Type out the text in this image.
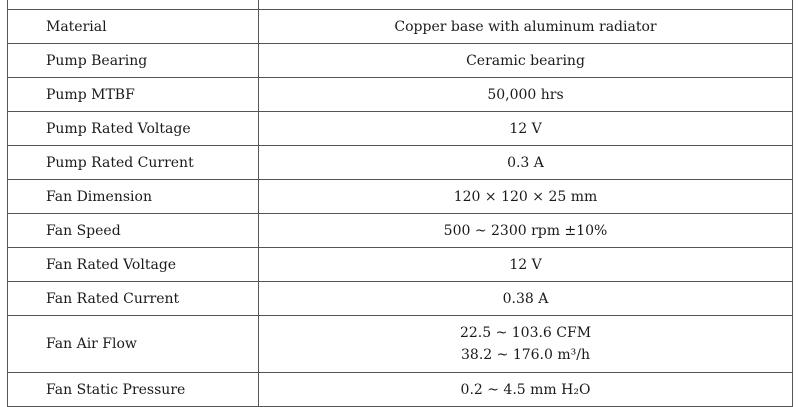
Material	Copper base with aluminum radiator
Pump Bearing	Ceramic bearing
Pump MTBF	50,000 hrs
Pump Rated Voltage	12 V
Pump Rated Current	0.3 A
Fan Dimension	120 × 120 × 25 mm
Fan Speed	500 ~ 2300 rpm ±10%
Fan Rated Voltage	12 V
Fan Rated Current	0.38 A
Fan Air Flow	22.5 ~ 103.6 CFM
38.2 ~ 176.0 m³/h

Fan Static Pressure	0.2 ~ 4.5 mm H₂O
